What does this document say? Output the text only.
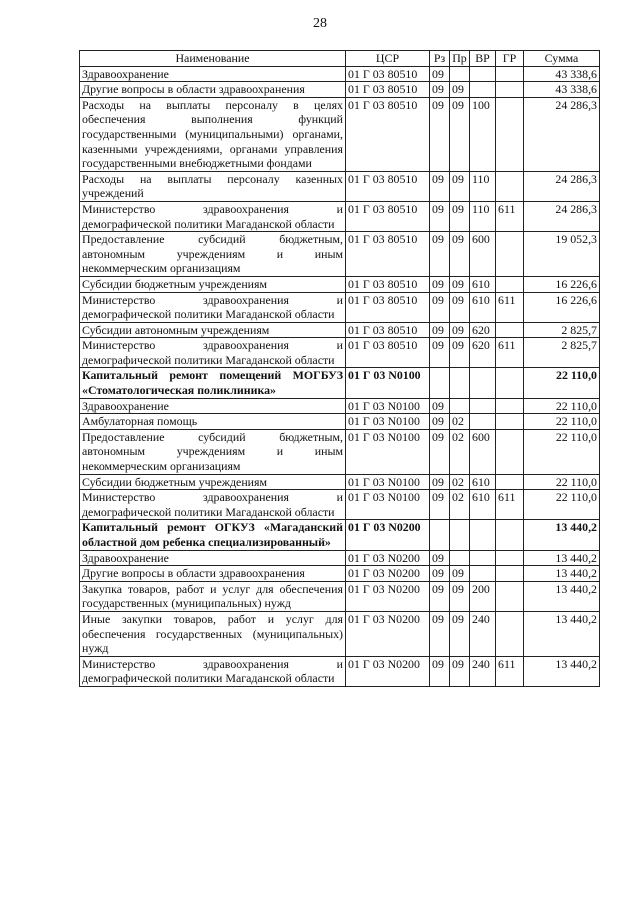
28
Наименование	ЦСР	Рз	Пр	ВР	ГР	Сумма
Здравоохранение	01 Г 03 80510	09				43 338,6
Другие вопросы в области здравоохранения	01 Г 03 80510	09	09			43 338,6
Расходы на выплаты персоналу в целях обеспечения выполнения функций государственными (муниципальными) органами, казенными учреждениями, органами управления государственными внебюджетными фондами	01 Г 03 80510	09	09	100		24 286,3
Расходы на выплаты персоналу казенных учреждений	01 Г 03 80510	09	09	110		24 286,3
Министерство здравоохранения и демографической политики Магаданской области	01 Г 03 80510	09	09	110	611	24 286,3
Предоставление субсидий бюджетным, автономным учреждениям и иным некоммерческим организациям	01 Г 03 80510	09	09	600		19 052,3
Субсидии бюджетным учреждениям	01 Г 03 80510	09	09	610		16 226,6
Министерство здравоохранения и демографической политики Магаданской области	01 Г 03 80510	09	09	610	611	16 226,6
Субсидии автономным учреждениям	01 Г 03 80510	09	09	620		2 825,7
Министерство здравоохранения и демографической политики Магаданской области	01 Г 03 80510	09	09	620	611	2 825,7
Капитальный ремонт помещений МОГБУЗ «Стоматологическая поликлиника»	01 Г 03 N0100					22 110,0
Здравоохранение	01 Г 03 N0100	09				22 110,0
Амбулаторная помощь	01 Г 03 N0100	09	02			22 110,0
Предоставление субсидий бюджетным, автономным учреждениям и иным некоммерческим организациям	01 Г 03 N0100	09	02	600		22 110,0
Субсидии бюджетным учреждениям	01 Г 03 N0100	09	02	610		22 110,0
Министерство здравоохранения и демографической политики Магаданской области	01 Г 03 N0100	09	02	610	611	22 110,0
Капитальный ремонт ОГКУЗ «Магаданский областной дом ребенка специализированный»	01 Г 03 N0200					13 440,2
Здравоохранение	01 Г 03 N0200	09				13 440,2
Другие вопросы в области здравоохранения	01 Г 03 N0200	09	09			13 440,2
Закупка товаров, работ и услуг для обеспечения государственных (муниципальных) нужд	01 Г 03 N0200	09	09	200		13 440,2
Иные закупки товаров, работ и услуг для обеспечения государственных (муниципальных) нужд	01 Г 03 N0200	09	09	240		13 440,2
Министерство здравоохранения и демографической политики Магаданской области	01 Г 03 N0200	09	09	240	611	13 440,2
